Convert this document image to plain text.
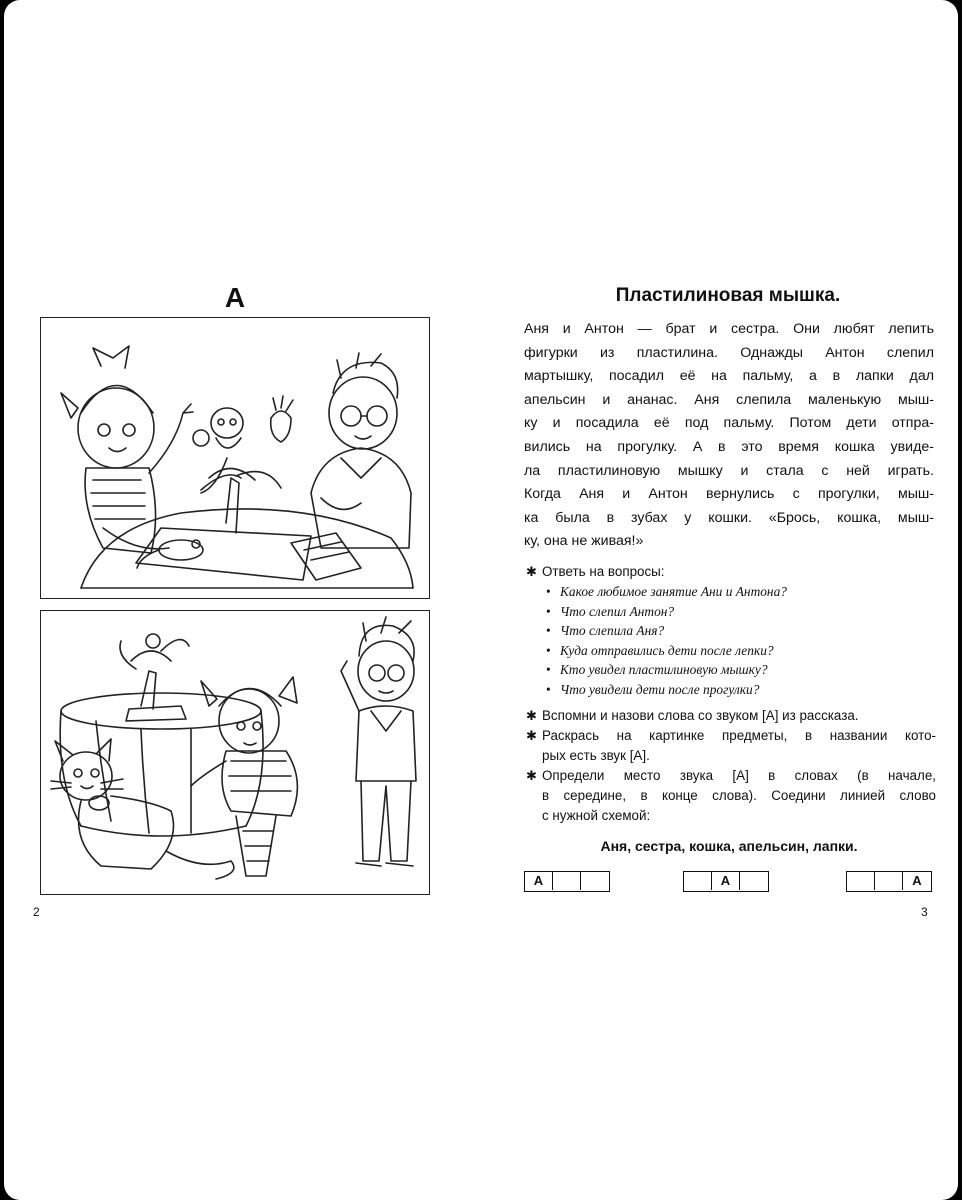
А
2
Пластилиновая мышка.
Аня и Антон — брат и сестра. Они любят лепить
фигурки из пластилина. Однажды Антон слепил
мартышку, посадил её на пальму, а в лапки дал
апельсин и ананас. Аня слепила маленькую мыш-
ку и посадила её под пальму. Потом дети отпра-
вились на прогулку. А в это время кошка увиде-
ла пластилиновую мышку и стала с ней играть.
Когда Аня и Антон вернулись с прогулки, мыш-
ка была в зубах у кошки. «Брось, кошка, мыш-
ку, она не живая!»
✱ Ответь на вопросы:
• Какое любимое занятие Ани и Антона?
• Что слепил Антон?
• Что слепила Аня?
• Куда отправились дети после лепки?
• Кто увидел пластилиновую мышку?
• Что увидели дети после прогулки?
✱ Вспомни и назови слова со звуком [А] из рассказа.
✱ Раскрась на картинке предметы, в названии кото-
рых есть звук [А].
✱ Определи место звука [А] в словах (в начале,
в середине, в конце слова). Соедини линией слово
с нужной схемой:
Аня, сестра, кошка, апельсин, лапки.
А	А	А
3
